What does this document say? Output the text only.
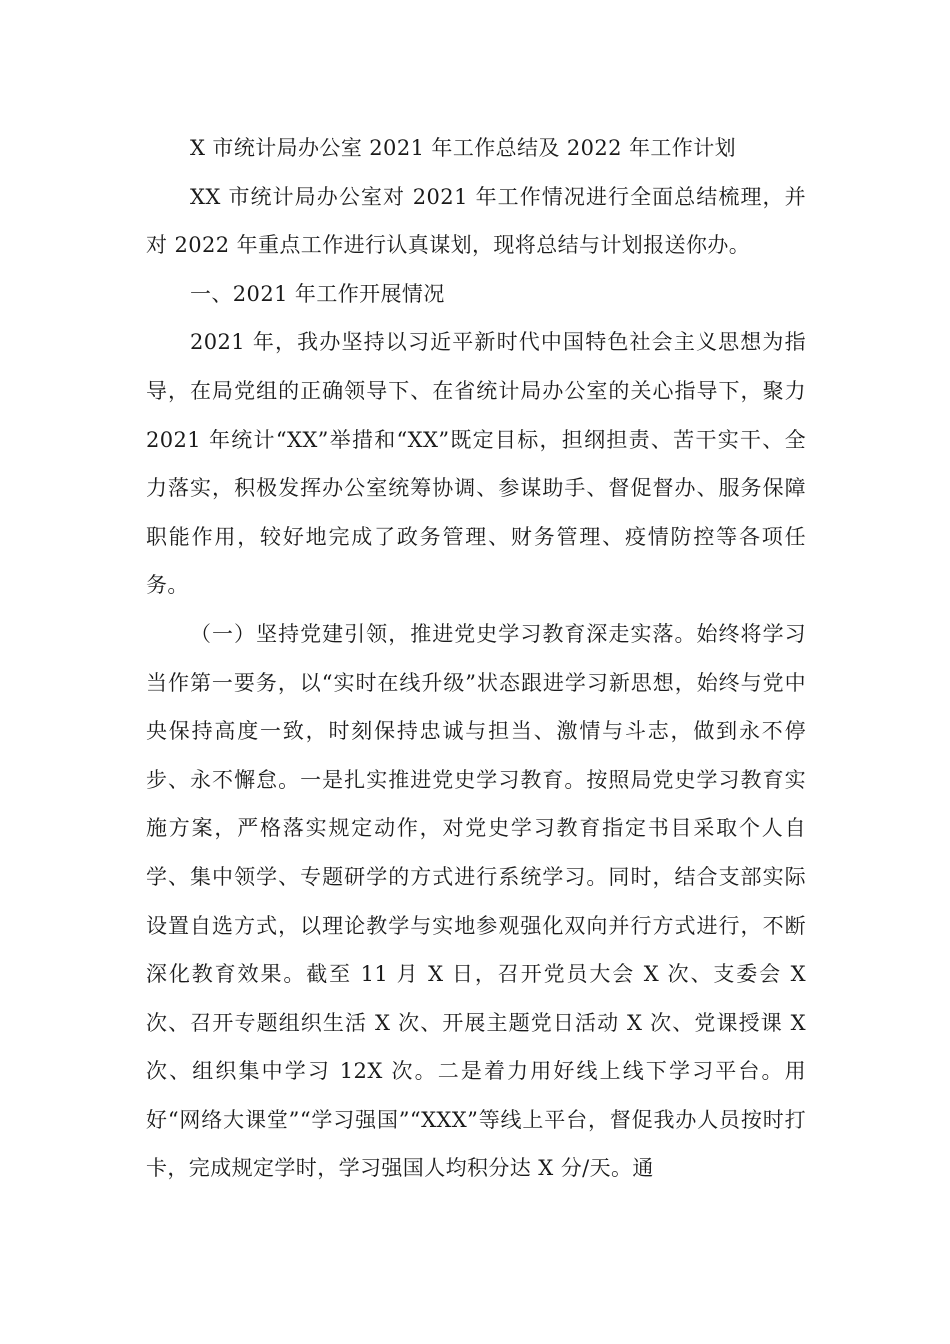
X 市统计局办公室 2021 年工作总结及 2022 年工作计划

XX 市统计局办公室对 2021 年工作情况进行全面总结梳理，并对 2022 年重点工作进行认真谋划，现将总结与计划报送你办。

一、2021 年工作开展情况

2021 年，我办坚持以习近平新时代中国特色社会主义思想为指导，在局党组的正确领导下、在省统计局办公室的关心指导下，聚力 2021 年统计“XX”举措和“XX”既定目标，担纲担责、苦干实干、全力落实，积极发挥办公室统筹协调、参谋助手、督促督办、服务保障职能作用，较好地完成了政务管理、财务管理、疫情防控等各项任务。

（一）坚持党建引领，推进党史学习教育深走实落。始终将学习当作第一要务，以“实时在线升级”状态跟进学习新思想，始终与党中央保持高度一致，时刻保持忠诚与担当、激情与斗志，做到永不停步、永不懈怠。一是扎实推进党史学习教育。按照局党史学习教育实施方案，严格落实规定动作，对党史学习教育指定书目采取个人自学、集中领学、专题研学的方式进行系统学习。同时，结合支部实际设置自选方式，以理论教学与实地参观强化双向并行方式进行，不断深化教育效果。截至 11 月 X 日，召开党员大会 X 次、支委会 X 次、召开专题组织生活 X 次、开展主题党日活动 X 次、党课授课 X 次、组织集中学习 12X 次。二是着力用好线上线下学习平台。用好“网络大课堂”“学习强国”“XXX”等线上平台，督促我办人员按时打卡，完成规定学时，学习强国人均积分达 X 分/天。通
